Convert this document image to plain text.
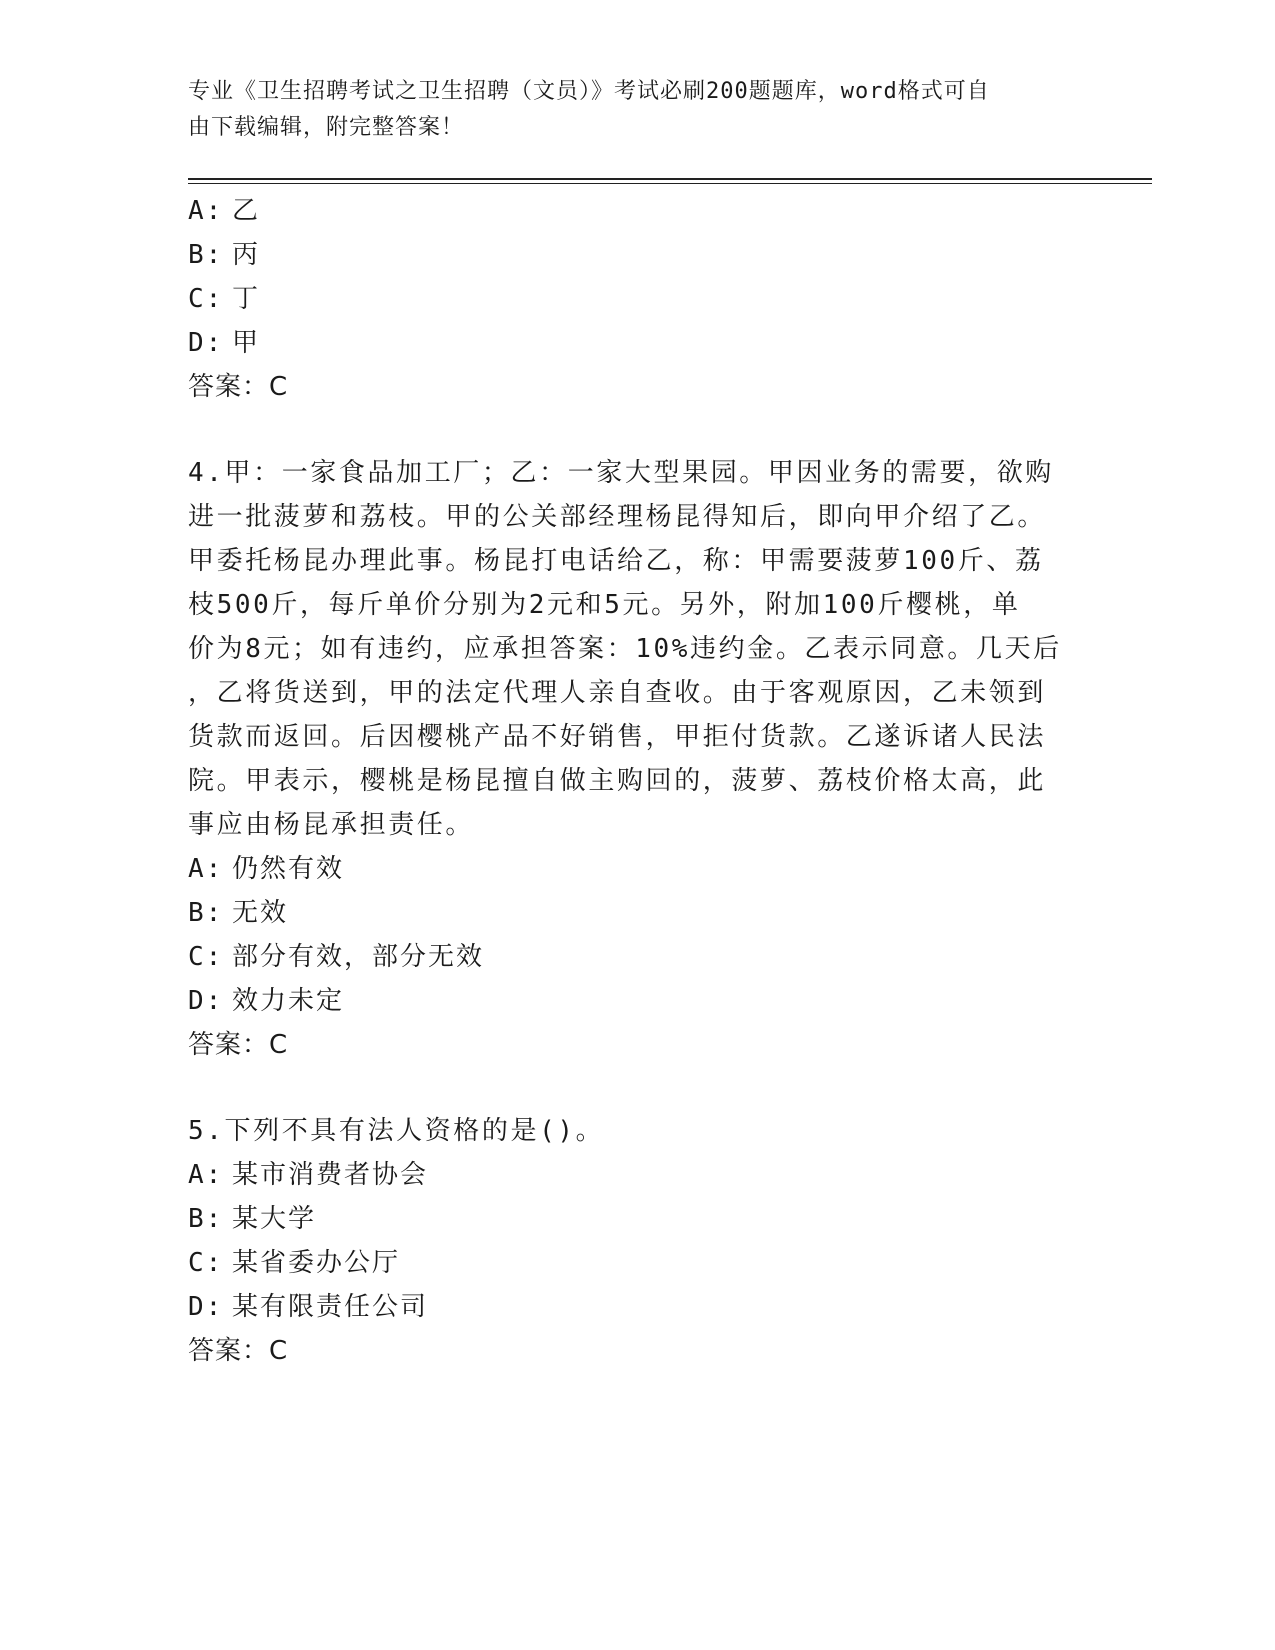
专业《卫生招聘考试之卫生招聘（文员）》考试必刷200题题库，word格式可自
由下载编辑，附完整答案！
A: 乙
B: 丙
C: 丁
D: 甲
答案：C
4.甲：一家食品加工厂；乙：一家大型果园。甲因业务的需要，欲购
进一批菠萝和荔枝。甲的公关部经理杨昆得知后，即向甲介绍了乙。
甲委托杨昆办理此事。杨昆打电话给乙，称：甲需要菠萝100斤、荔
枝500斤，每斤单价分别为2元和5元。另外，附加100斤樱桃，单
价为8元；如有违约，应承担答案：10%违约金。乙表示同意。几天后
，乙将货送到，甲的法定代理人亲自查收。由于客观原因，乙未领到
货款而返回。后因樱桃产品不好销售，甲拒付货款。乙遂诉诸人民法
院。甲表示，樱桃是杨昆擅自做主购回的，菠萝、荔枝价格太高，此
事应由杨昆承担责任。
A: 仍然有效
B: 无效
C: 部分有效，部分无效
D: 效力未定
答案：C
5.下列不具有法人资格的是()。
A: 某市消费者协会
B: 某大学
C: 某省委办公厅
D: 某有限责任公司
答案：C
